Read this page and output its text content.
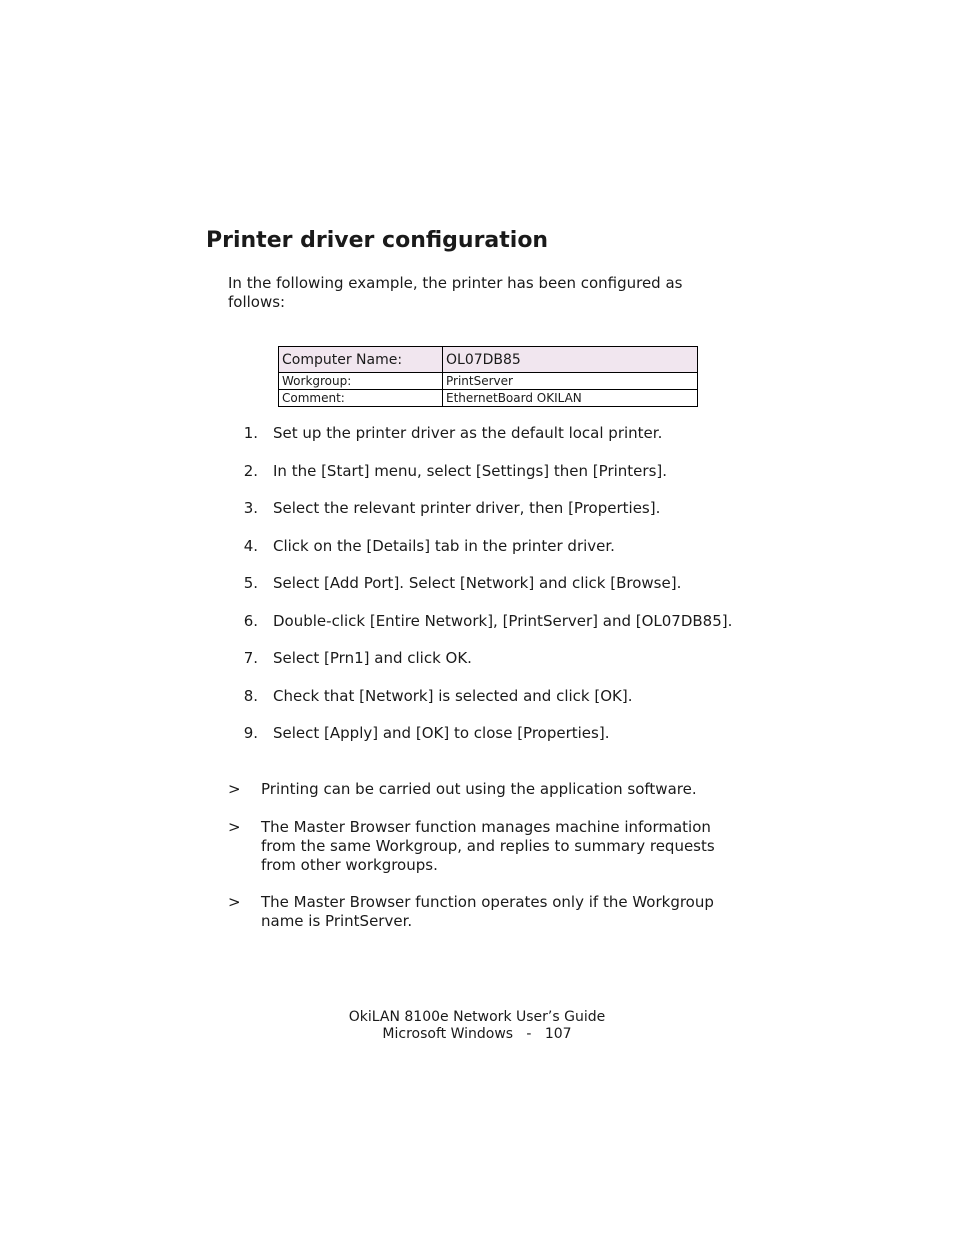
Printer driver configuration

In the following example, the printer has been configured as follows:

Computer Name:	OL07DB85
Workgroup:	PrintServer
Comment:	EthernetBoard OKILAN
1. Set up the printer driver as the default local printer.
2. In the [Start] menu, select [Settings] then [Printers].
3. Select the relevant printer driver, then [Properties].
4. Click on the [Details] tab in the printer driver.
5. Select [Add Port]. Select [Network] and click [Browse].
6. Double-click [Entire Network], [PrintServer] and [OL07DB85].
7. Select [Prn1] and click OK.
8. Check that [Network] is selected and click [OK].
9. Select [Apply] and [OK] to close [Properties].
> Printing can be carried out using the application software.
> The Master Browser function manages machine information from the same Workgroup, and replies to summary requests from other workgroups.
> The Master Browser function operates only if the Workgroup name is PrintServer.
OkiLAN 8100e Network User’s Guide
Microsoft Windows   -   107
